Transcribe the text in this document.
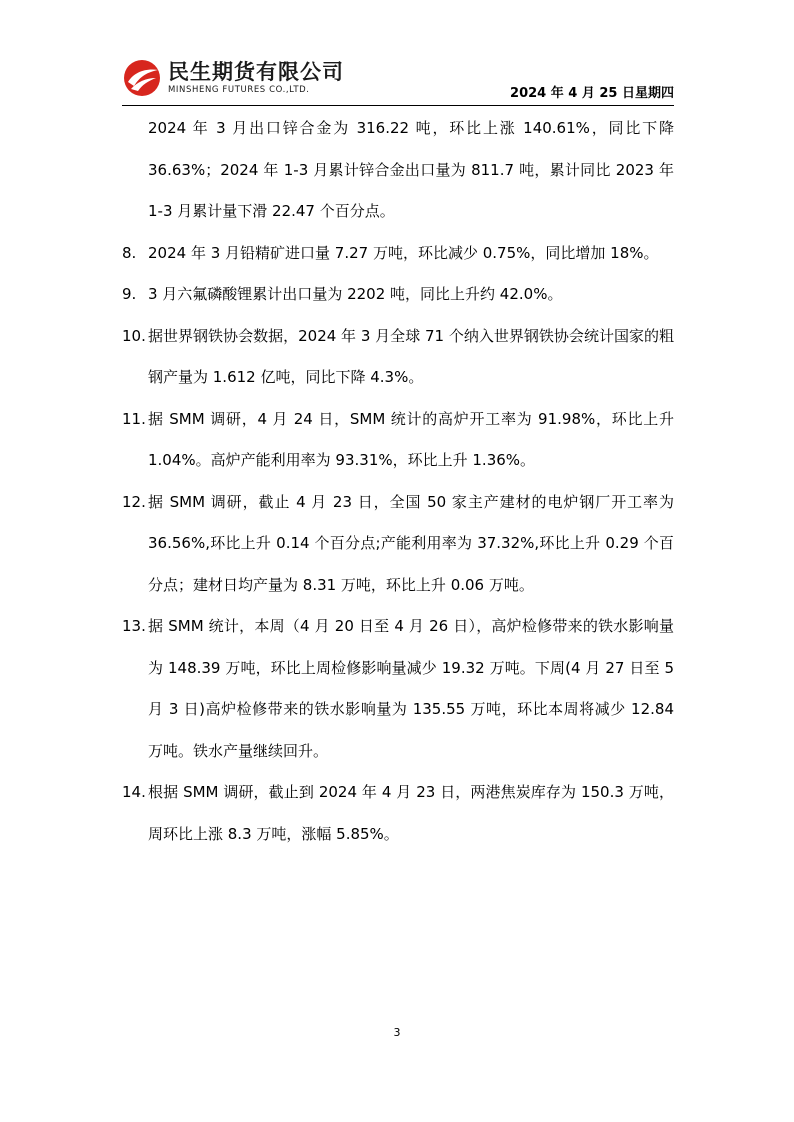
民生期货有限公司
MINSHENG FUTURES CO.,LTD.	2024 年 4 月 25 日星期四
2024 年 3 月出口锌合金为 316.22 吨，环比上涨 140.61%，同比下降 36.63%；2024 年 1-3 月累计锌合金出口量为 811.7 吨，累计同比 2023 年 1-3 月累计量下滑 22.47 个百分点。
8. 2024 年 3 月铅精矿进口量 7.27 万吨，环比减少 0.75%，同比增加 18%。
9. 3 月六氟磷酸锂累计出口量为 2202 吨，同比上升约 42.0%。
10. 据世界钢铁协会数据，2024 年 3 月全球 71 个纳入世界钢铁协会统计国家的粗钢产量为 1.612 亿吨，同比下降 4.3%。
11. 据 SMM 调研，4 月 24 日，SMM 统计的高炉开工率为 91.98%，环比上升 1.04%。高炉产能利用率为 93.31%，环比上升 1.36%。
12. 据 SMM 调研，截止 4 月 23 日，全国 50 家主产建材的电炉钢厂开工率为 36.56%,环比上升 0.14 个百分点;产能利用率为 37.32%,环比上升 0.29 个百分点；建材日均产量为 8.31 万吨，环比上升 0.06 万吨。
13. 据 SMM 统计，本周（4 月 20 日至 4 月 26 日），高炉检修带来的铁水影响量为 148.39 万吨，环比上周检修影响量减少 19.32 万吨。下周(4 月 27 日至 5 月 3 日)高炉检修带来的铁水影响量为 135.55 万吨，环比本周将减少 12.84 万吨。铁水产量继续回升。
14. 根据 SMM 调研，截止到 2024 年 4 月 23 日，两港焦炭库存为 150.3 万吨，周环比上涨 8.3 万吨，涨幅 5.85%。
3
